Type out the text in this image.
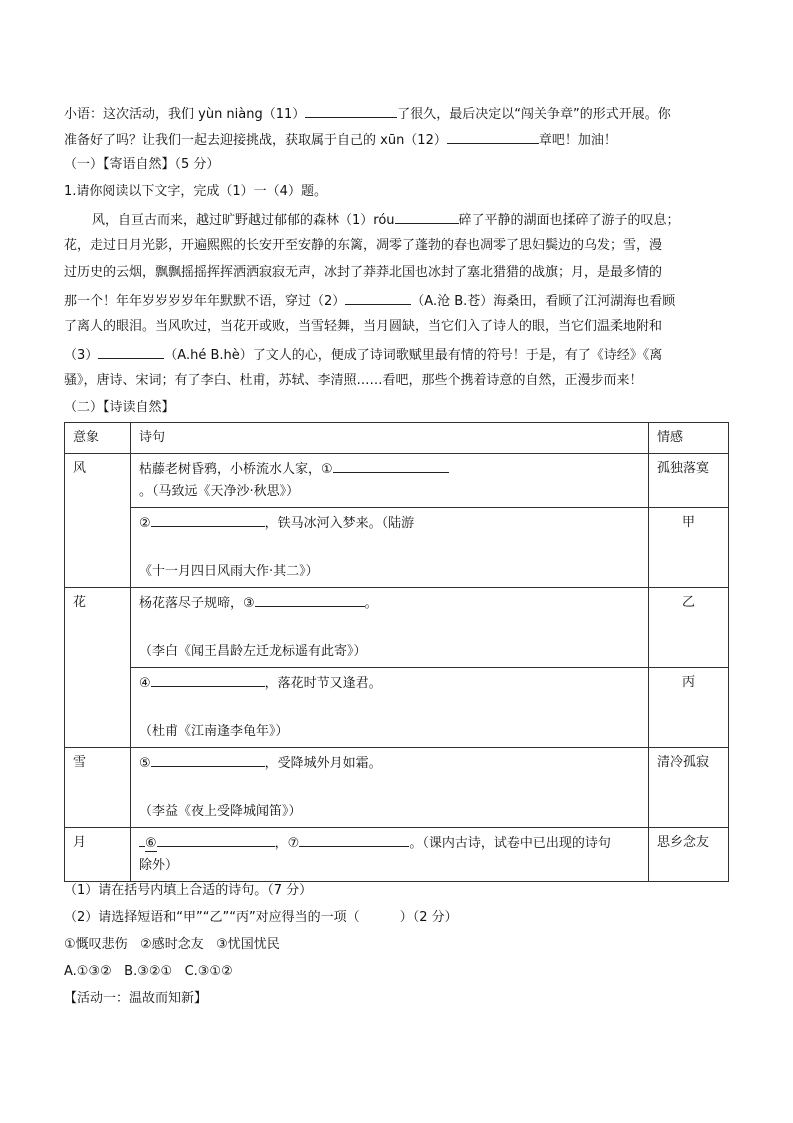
小语：这次活动，我们 yùn niàng（11）	了很久，最后决定以“闯关争章”的形式开展。你
准备好了吗？让我们一起去迎接挑战，获取属于自己的 xūn（12）	章吧！加油！
（一）【寄语自然】（5 分）
1.请你阅读以下文字，完成（1）一（4）题。
风，自亘古而来，越过旷野越过郁郁的森林（1）róu	碎了平静的湖面也揉碎了游子的叹息；
花，走过日月光影，开遍熙熙的长安开至安静的东篱，凋零了蓬勃的春也凋零了思妇鬓边的乌发；雪，漫
过历史的云烟，飘飘摇摇挥挥洒洒寂寂无声，冰封了莽莽北国也冰封了塞北猎猎的战旗；月，是最多情的
那一个！年年岁岁岁岁年年默默不语，穿过（2）	（A.沧 B.苍）海桑田，看顾了江河湖海也看顾
了离人的眼泪。当风吹过，当花开或败，当雪轻舞，当月圆缺，当它们入了诗人的眼，当它们温柔地附和
（3）	（A.hé B.hè）了文人的心，便成了诗词歌赋里最有情的符号！于是，有了《诗经》《离
骚》，唐诗、宋词；有了李白、杜甫，苏轼、李清照……看吧，那些个携着诗意的自然，正漫步而来！
（二）【诗读自然】
意象	诗句	情感
风	枯藤老树昏鸦，小桥流水人家，①
。（马致远《天净沙·秋思》）	孤独落寞

	② ，铁马冰河入梦来。（陆游
《十一月四日风雨大作·其二》）	甲
花	杨花落尽子规啼，③ 。
（李白《闻王昌龄左迁龙标遥有此寄》）	乙

	④ ，落花时节又逢君。
（杜甫《江南逢李龟年》）	丙
雪	⑤ ，受降城外月如霜。
（李益《夜上受降城闻笛》）	清冷孤寂
月	⑥ ，⑦ 。（课内古诗，试卷中已出现的诗句
除外）	思乡念友
（1）请在括号内填上合适的诗句。（7 分）
（2）请选择短语和“甲”“乙”“丙”对应得当的一项（	）（2 分）
①慨叹悲伤   ②感时念友   ③忧国忧民
A.①③②   B.③②①   C.③①②
【活动一：温故而知新】
